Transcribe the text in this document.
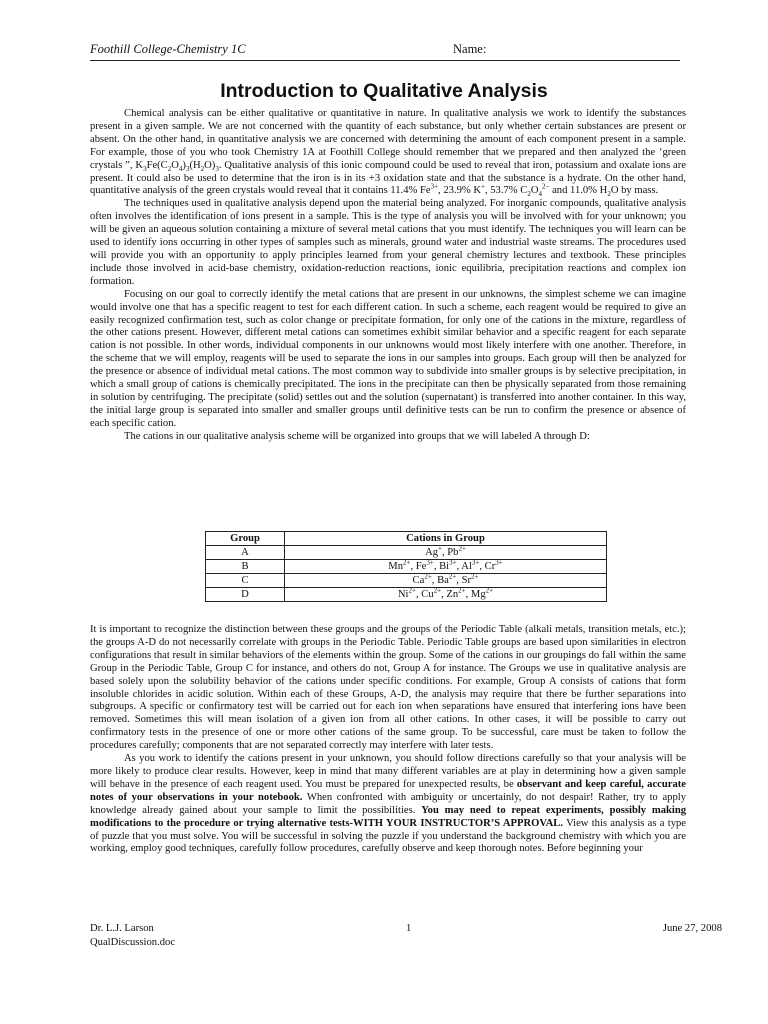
Foothill College-Chemistry 1C	Name:
Introduction to Qualitative Analysis

Chemical analysis can be either qualitative or quantitative in nature. In qualitative analysis we work to identify the substances present in a given sample. We are not concerned with the quantity of each substance, but only whether certain substances are present or absent. On the other hand, in quantitative analysis we are concerned with determining the amount of each component present in a sample. For example, those of you who took Chemistry 1A at Foothill College should remember that we prepared and then analyzed the ‘green crystals ”, $K_3Fe(C_2O_4)_3(H_2O)_3$. Qualitative analysis of this ionic compound could be used to reveal that iron, potassium and oxalate ions are present. It could also be used to determine that the iron is in its +3 oxidation state and that the substance is a hydrate. On the other hand, quantitative analysis of the green crystals would reveal that it contains 11.4% $Fe^{3+}$, 23.9% K+, 53.7% $C_2O_4^{2-}$ and 11.0% $H_2O$ by mass.

The techniques used in qualitative analysis depend upon the material being analyzed. For inorganic compounds, qualitative analysis often involves the identification of ions present in a sample. This is the type of analysis you will be involved with for your unknown; you will be given an aqueous solution containing a mixture of several metal cations that you must identify. The techniques you will learn can be used to identify ions occurring in other types of samples such as minerals, ground water and industrial waste streams. The procedures used will provide you with an opportunity to apply principles learned from your general chemistry lectures and textbook. These principles include those involved in acid-base chemistry, oxidation-reduction reactions, ionic equilibria, precipitation reactions and complex ion formation.

Focusing on our goal to correctly identify the metal cations that are present in our unknowns, the simplest scheme we can imagine would involve one that has a specific reagent to test for each different cation. In such a scheme, each reagent would be required to give an easily recognized confirmation test, such as color change or precipitate formation, for only one of the cations in the mixture, regardless of the other cations present. However, different metal cations can sometimes exhibit similar behavior and a specific reagent for each separate cation is not possible. In other words, individual components in our unknowns would most likely interfere with one another. Therefore, in the scheme that we will employ, reagents will be used to separate the ions in our samples into groups. Each group will then be analyzed for the presence or absence of individual metal cations. The most common way to subdivide into smaller groups is by selective precipitation, in which a small group of cations is chemically precipitated. The ions in the precipitate can then be physically separated from those remaining in solution by centrifuging. The precipitate (solid) settles out and the solution (supernatant) is transferred into another container. In this way, the initial large group is separated into smaller and smaller groups until definitive tests can be run to confirm the presence or absence of each specific cation.

The cations in our qualitative analysis scheme will be organized into groups that we will labeled A through D:

Group	Cations in Group
A	Ag+, $Pb^{2+}$
B	$Mn^{2+}$, $Fe^{3+}$, $Bi^{3+}$, $Al^{3+}$, $Cr^{3+}$
C	$Ca^{2+}$, $Ba^{2+}$, $Sr^{2+}$
D	$Ni^{2+}$, $Cu^{2+}$, $Zn^{2+}$, $Mg^{2+}$

It is important to recognize the distinction between these groups and the groups of the Periodic Table (alkali metals, transition metals, etc.); the groups A-D do not necessarily correlate with groups in the Periodic Table. Periodic Table groups are based upon similarities in electron configurations that result in similar behaviors of the elements within the group. Some of the cations in our groupings do fall within the same Group in the Periodic Table, Group C for instance, and others do not, Group A for instance. The Groups we use in qualitative analysis are based solely upon the solubility behavior of the cations under specific conditions. For example, Group A consists of cations that form insoluble chlorides in acidic solution. Within each of these Groups, A-D, the analysis may require that there be further separations into subgroups. A specific or confirmatory test will be carried out for each ion when separations have ensured that interfering ions have been removed. Sometimes this will mean isolation of a given ion from all other cations. In other cases, it will be possible to carry out confirmatory tests in the presence of one or more other cations of the same group. To be successful, care must be taken to follow the procedures carefully; components that are not separated correctly may interfere with later tests.

As you work to identify the cations present in your unknown, you should follow directions carefully so that your analysis will be more likely to produce clear results. However, keep in mind that many different variables are at play in determining how a given sample will behave in the presence of each reagent used. You must be prepared for unexpected results, be observant and keep careful, accurate notes of your observations in your notebook. When confronted with ambiguity or uncertainly, do not despair! Rather, try to apply knowledge already gained about your sample to limit the possibilities. You may need to repeat experiments, possibly making modifications to the procedure or trying alternative tests-WITH YOUR INSTRUCTOR’S APPROVAL. View this analysis as a type of puzzle that you must solve. You will be successful in solving the puzzle if you understand the background chemistry with which you are working, employ good techniques, carefully follow procedures, carefully observe and keep thorough notes. Before beginning your

Dr. L.J. Larson
QualDiscussion.doc
1	June 27, 2008
